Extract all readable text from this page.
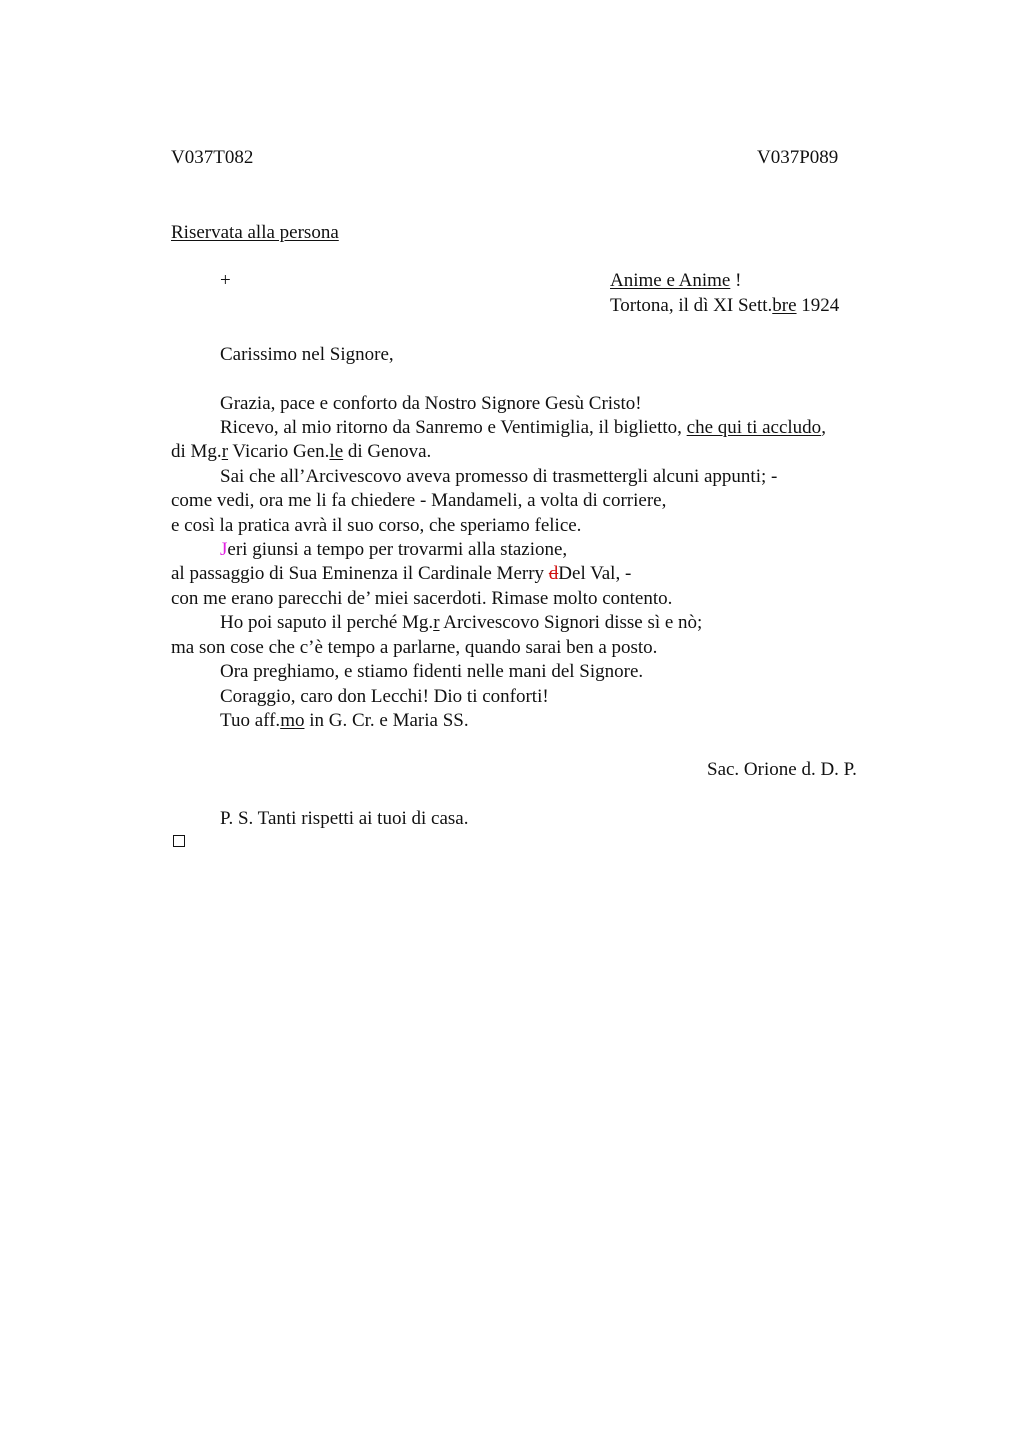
V037T082	V037P089
Riservata alla persona
+	Anime e Anime !
Tortona, il dì XI Sett.bre 1924
Carissimo nel Signore,
Grazia, pace e conforto da Nostro Signore Gesù Cristo!
Ricevo, al mio ritorno da Sanremo e Ventimiglia, il biglietto, che qui ti accludo,
di Mg.r Vicario Gen.le di Genova.
Sai che all’Arcivescovo aveva promesso di trasmettergli alcuni appunti; -
come vedi, ora me li fa chiedere - Mandameli, a volta di corriere,
e così la pratica avrà il suo corso, che speriamo felice.
Jeri giunsi a tempo per trovarmi alla stazione,
al passaggio di Sua Eminenza il Cardinale Merry dDel Val, -
con me erano parecchi de’ miei sacerdoti. Rimase molto contento.
Ho poi saputo il perché Mg.r Arcivescovo Signori disse sì e nò;
ma son cose che c’è tempo a parlarne, quando sarai ben a posto.
Ora preghiamo, e stiamo fidenti nelle mani del Signore.
Coraggio, caro don Lecchi! Dio ti conforti!
Tuo aff.mo in G. Cr. e Maria SS.
Sac. Orione d. D. P.
P. S. Tanti rispetti ai tuoi di casa.
